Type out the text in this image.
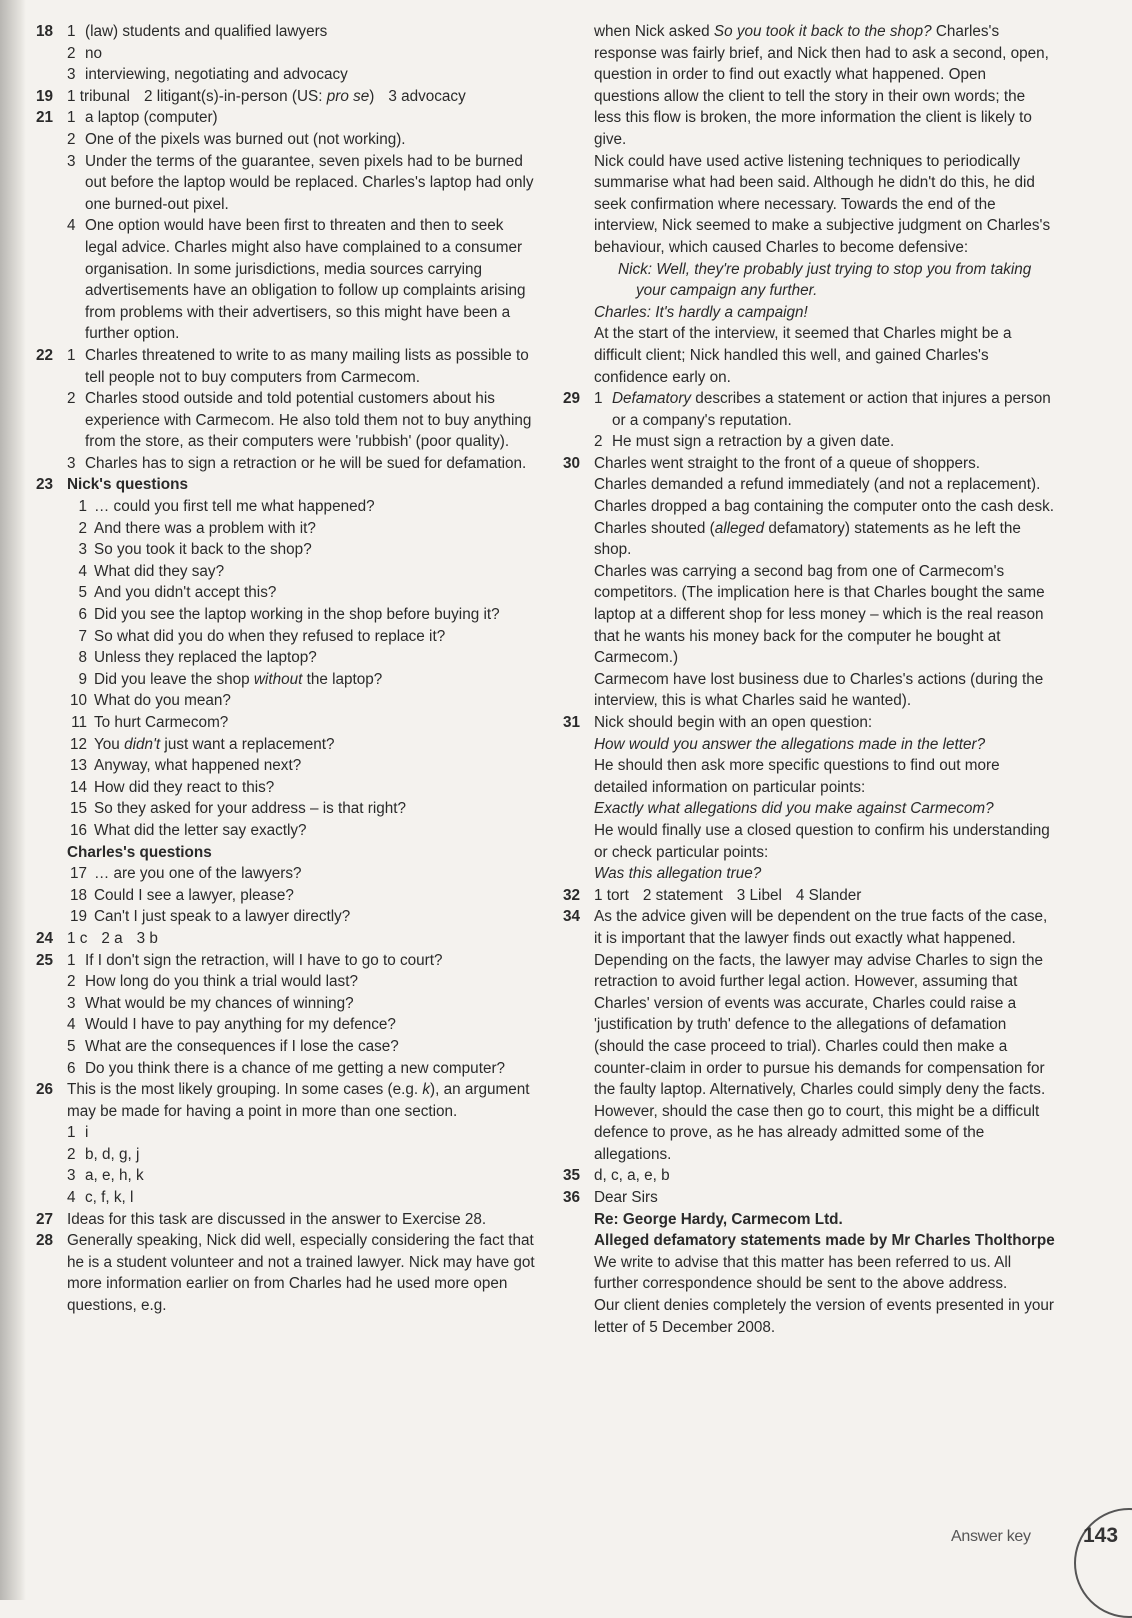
18 1 (law) students and qualified lawyers
2 no
3 interviewing, negotiating and advocacy
19 1 tribunal 2 litigant(s)-in-person (US: pro se) 3 advocacy
21 1 a laptop (computer)
2 One of the pixels was burned out (not working).
3 Under the terms of the guarantee, seven pixels had to be burned out before the laptop would be replaced. Charles's laptop had only one burned-out pixel.
4 One option would have been first to threaten and then to seek legal advice. Charles might also have complained to a consumer organisation. In some jurisdictions, media sources carrying advertisements have an obligation to follow up complaints arising from problems with their advertisers, so this might have been a further option.
22 1 Charles threatened to write to as many mailing lists as possible to tell people not to buy computers from Carmecom.
2 Charles stood outside and told potential customers about his experience with Carmecom. He also told them not to buy anything from the store, as their computers were 'rubbish' (poor quality).
3 Charles has to sign a retraction or he will be sued for defamation.
23 Nick's questions
1 … could you first tell me what happened?
2 And there was a problem with it?
3 So you took it back to the shop?
4 What did they say?
5 And you didn't accept this?
6 Did you see the laptop working in the shop before buying it?
7 So what did you do when they refused to replace it?
8 Unless they replaced the laptop?
9 Did you leave the shop without the laptop?
10 What do you mean?
11 To hurt Carmecom?
12 You didn't just want a replacement?
13 Anyway, what happened next?
14 How did they react to this?
15 So they asked for your address – is that right?
16 What did the letter say exactly?
Charles's questions
17 … are you one of the lawyers?
18 Could I see a lawyer, please?
19 Can't I just speak to a lawyer directly?
24 1 c 2 a 3 b
25 1 If I don't sign the retraction, will I have to go to court?
2 How long do you think a trial would last?
3 What would be my chances of winning?
4 Would I have to pay anything for my defence?
5 What are the consequences if I lose the case?
6 Do you think there is a chance of me getting a new computer?
26 This is the most likely grouping. In some cases (e.g. k), an argument may be made for having a point in more than one section.
1 i
2 b, d, g, j
3 a, e, h, k
4 c, f, k, l
27 Ideas for this task are discussed in the answer to Exercise 28.
28 Generally speaking, Nick did well, especially considering the fact that he is a student volunteer and not a trained lawyer. Nick may have got more information earlier on from Charles had he used more open questions, e.g.
when Nick asked So you took it back to the shop? Charles's response was fairly brief, and Nick then had to ask a second, open, question in order to find out exactly what happened. Open questions allow the client to tell the story in their own words; the less this flow is broken, the more information the client is likely to give.
Nick could have used active listening techniques to periodically summarise what had been said. Although he didn't do this, he did seek confirmation where necessary. Towards the end of the interview, Nick seemed to make a subjective judgment on Charles's behaviour, which caused Charles to become defensive:
Nick: Well, they're probably just trying to stop you from taking your campaign any further.
Charles: It's hardly a campaign!
At the start of the interview, it seemed that Charles might be a difficult client; Nick handled this well, and gained Charles's confidence early on.
29 1 Defamatory describes a statement or action that injures a person or a company's reputation.
2 He must sign a retraction by a given date.
30 Charles went straight to the front of a queue of shoppers.
Charles demanded a refund immediately (and not a replacement).
Charles dropped a bag containing the computer onto the cash desk.
Charles shouted (alleged defamatory) statements as he left the shop.
Charles was carrying a second bag from one of Carmecom's competitors. (The implication here is that Charles bought the same laptop at a different shop for less money – which is the real reason that he wants his money back for the computer he bought at Carmecom.)
Carmecom have lost business due to Charles's actions (during the interview, this is what Charles said he wanted).
31 Nick should begin with an open question:
How would you answer the allegations made in the letter?
He should then ask more specific questions to find out more detailed information on particular points:
Exactly what allegations did you make against Carmecom?
He would finally use a closed question to confirm his understanding or check particular points:
Was this allegation true?
32 1 tort 2 statement 3 Libel 4 Slander
34 As the advice given will be dependent on the true facts of the case, it is important that the lawyer finds out exactly what happened. Depending on the facts, the lawyer may advise Charles to sign the retraction to avoid further legal action. However, assuming that Charles' version of events was accurate, Charles could raise a 'justification by truth' defence to the allegations of defamation (should the case proceed to trial). Charles could then make a counter-claim in order to pursue his demands for compensation for the faulty laptop. Alternatively, Charles could simply deny the facts. However, should the case then go to court, this might be a difficult defence to prove, as he has already admitted some of the allegations.
35 d, c, a, e, b
36 Dear Sirs
Re: George Hardy, Carmecom Ltd.
Alleged defamatory statements made by Mr Charles Tholthorpe
We write to advise that this matter has been referred to us. All further correspondence should be sent to the above address.
Our client denies completely the version of events presented in your letter of 5 December 2008.
Answer key 143
